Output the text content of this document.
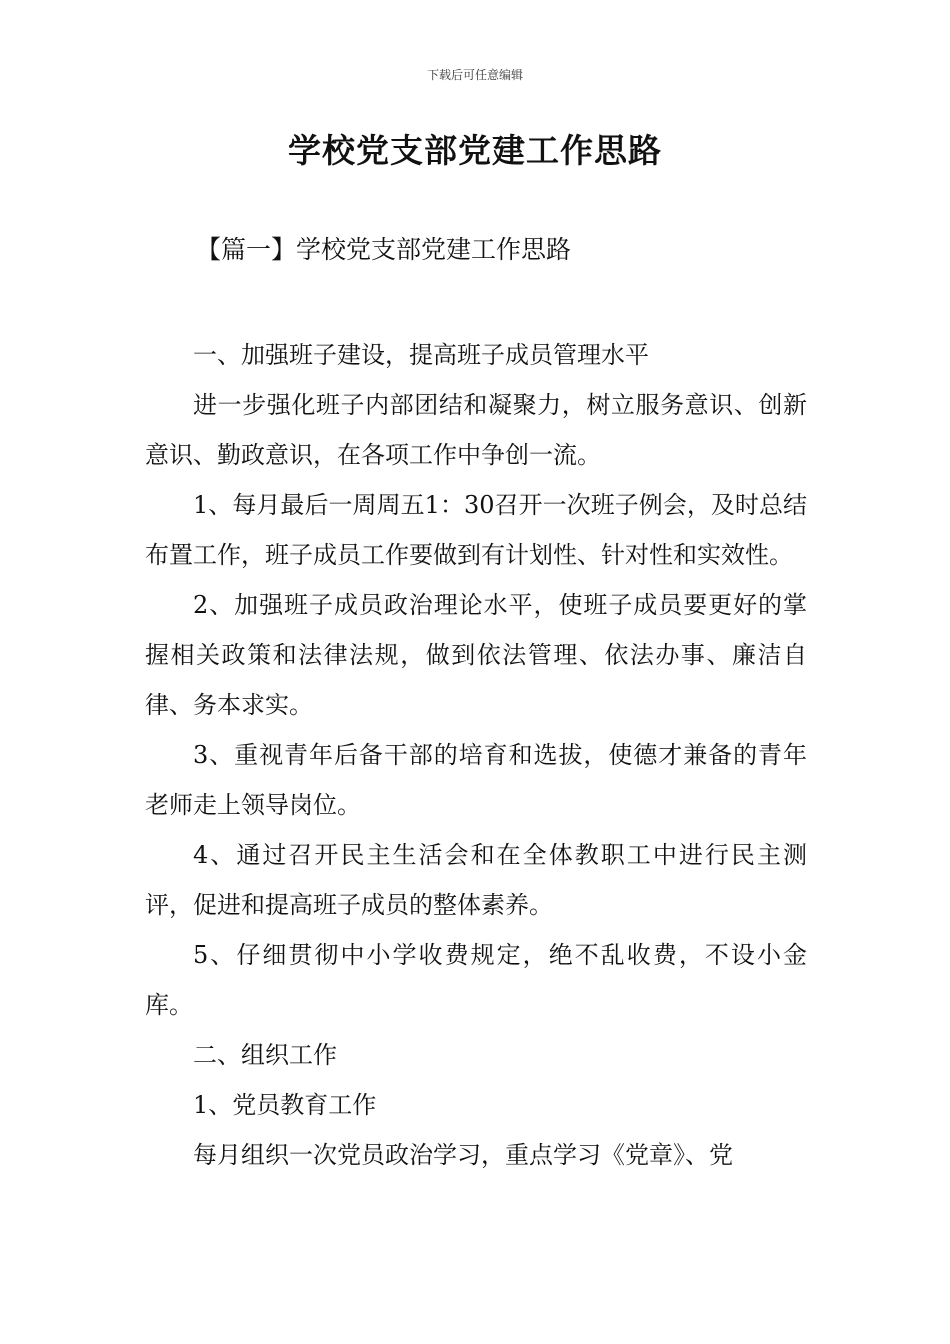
下载后可任意编辑
学校党支部党建工作思路
【篇一】学校党支部党建工作思路

一、加强班子建设，提高班子成员管理水平

进一步强化班子内部团结和凝聚力，树立服务意识、创新意识、勤政意识，在各项工作中争创一流。

1、每月最后一周周五1：30召开一次班子例会，及时总结布置工作，班子成员工作要做到有计划性、针对性和实效性。

2、加强班子成员政治理论水平，使班子成员要更好的掌握相关政策和法律法规，做到依法管理、依法办事、廉洁自律、务本求实。

3、重视青年后备干部的培育和选拔，使德才兼备的青年老师走上领导岗位。

4、通过召开民主生活会和在全体教职工中进行民主测评，促进和提高班子成员的整体素养。

5、仔细贯彻中小学收费规定，绝不乱收费，不设小金库。

二、组织工作

1、党员教育工作

每月组织一次党员政治学习，重点学习《党章》、党
